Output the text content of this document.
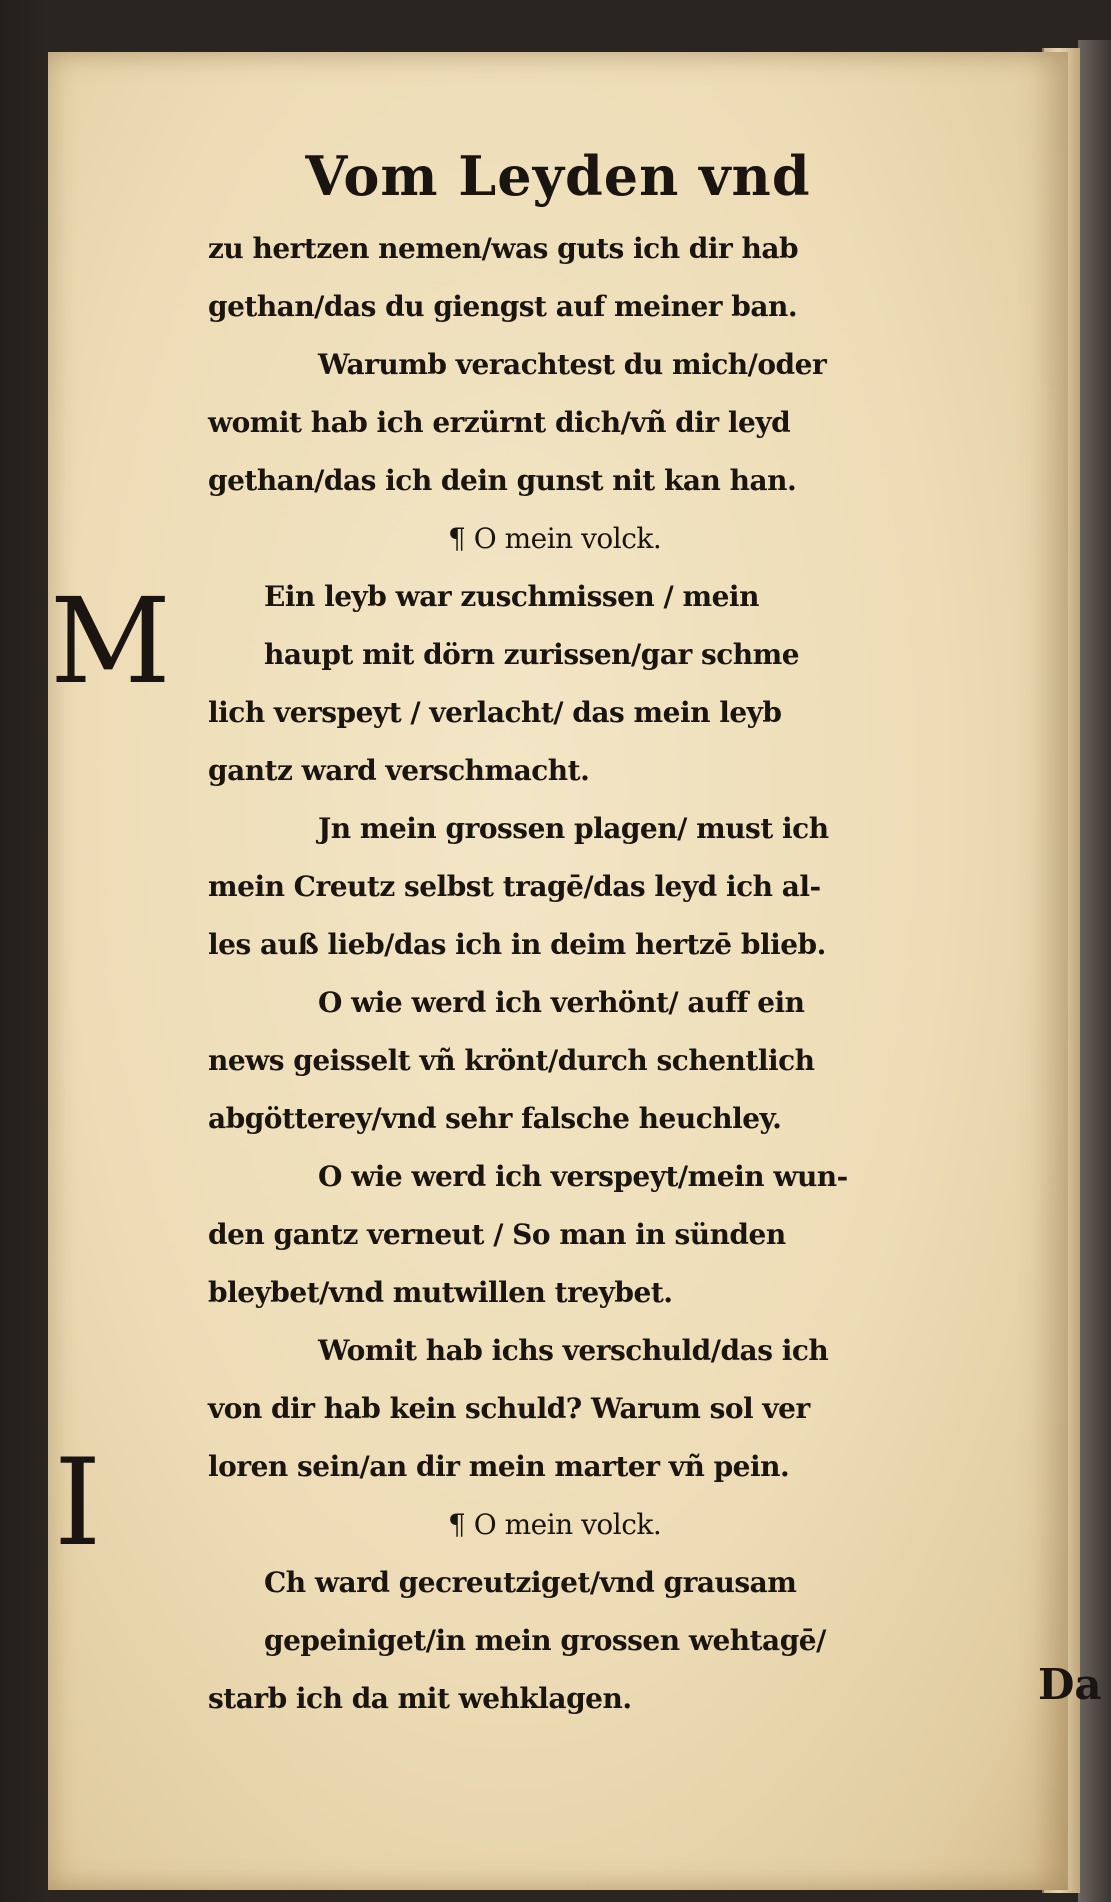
Vom Leyden vnd
M
I
zu hertzen nemen/was guts ich dir hab
gethan/das du giengst auf meiner ban.
Warumb verachtest du mich/oder
womit hab ich erzürnt dich/vñ dir leyd
gethan/das ich dein gunst nit kan han.
¶ O mein volck.
Ein leyb war zuschmissen / mein
haupt mit dörn zurissen/gar schme
lich verspeyt / verlacht/ das mein leyb
gantz ward verschmacht.
Jn mein grossen plagen/ must ich
mein Creutz selbst tragē/das leyd ich al-
les auß lieb/das ich in deim hertzē blieb.
O wie werd ich verhönt/ auff ein
news geisselt vñ krönt/durch schentlich
abgötterey/vnd sehr falsche heuchley.
O wie werd ich verspeyt/mein wun-
den gantz verneut / So man in sünden
bleybet/vnd mutwillen treybet.
Womit hab ichs verschuld/das ich
von dir hab kein schuld? Warum sol ver
loren sein/an dir mein marter vñ pein.
¶ O mein volck.
Ch ward gecreutziget/vnd grausam
gepeiniget/in mein grossen wehtagē/
starb ich da mit wehklagen.	Da
